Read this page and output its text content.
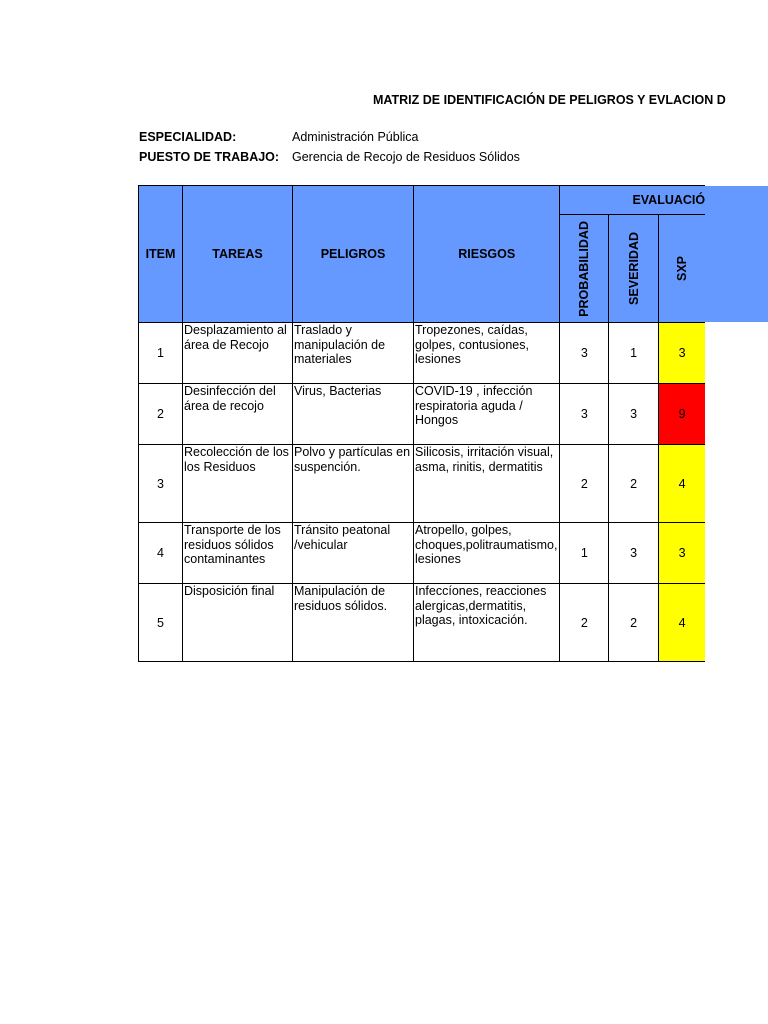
MATRIZ DE IDENTIFICACIÓN DE PELIGROS Y EVLACION D
ESPECIALIDAD:	Administración Pública
PUESTO DE TRABAJO: Gerencia de Recojo de Residuos Sólidos
ITEM	TAREAS	PELIGROS	RIESGOS	EVALUACIÓ		

				PROBABILIDAD	SEVERIDAD	SXP

1	Desplazamiento al área de Recojo	Traslado y manipulación de materiales	Tropezones, caídas, golpes, contusiones, lesiones	3	1	3
2	Desinfección del área de recojo	Virus, Bacterias	COVID-19 , infección respiratoria aguda / Hongos	3	3	9
3	Recolección de los los Residuos	Polvo y partículas en suspención.	Silicosis, irritación visual, asma, rinitis, dermatitis	2	2	4
4	Transporte de los residuos sólidos contaminantes	Tránsito peatonal /vehicular	Atropello, golpes, choques,politraumatismo, lesiones	1	3	3
5	Disposición final	Manipulación de residuos sólidos.	Infeccíones, reacciones alergicas,dermatitis, plagas, intoxicación.	2	2	4
